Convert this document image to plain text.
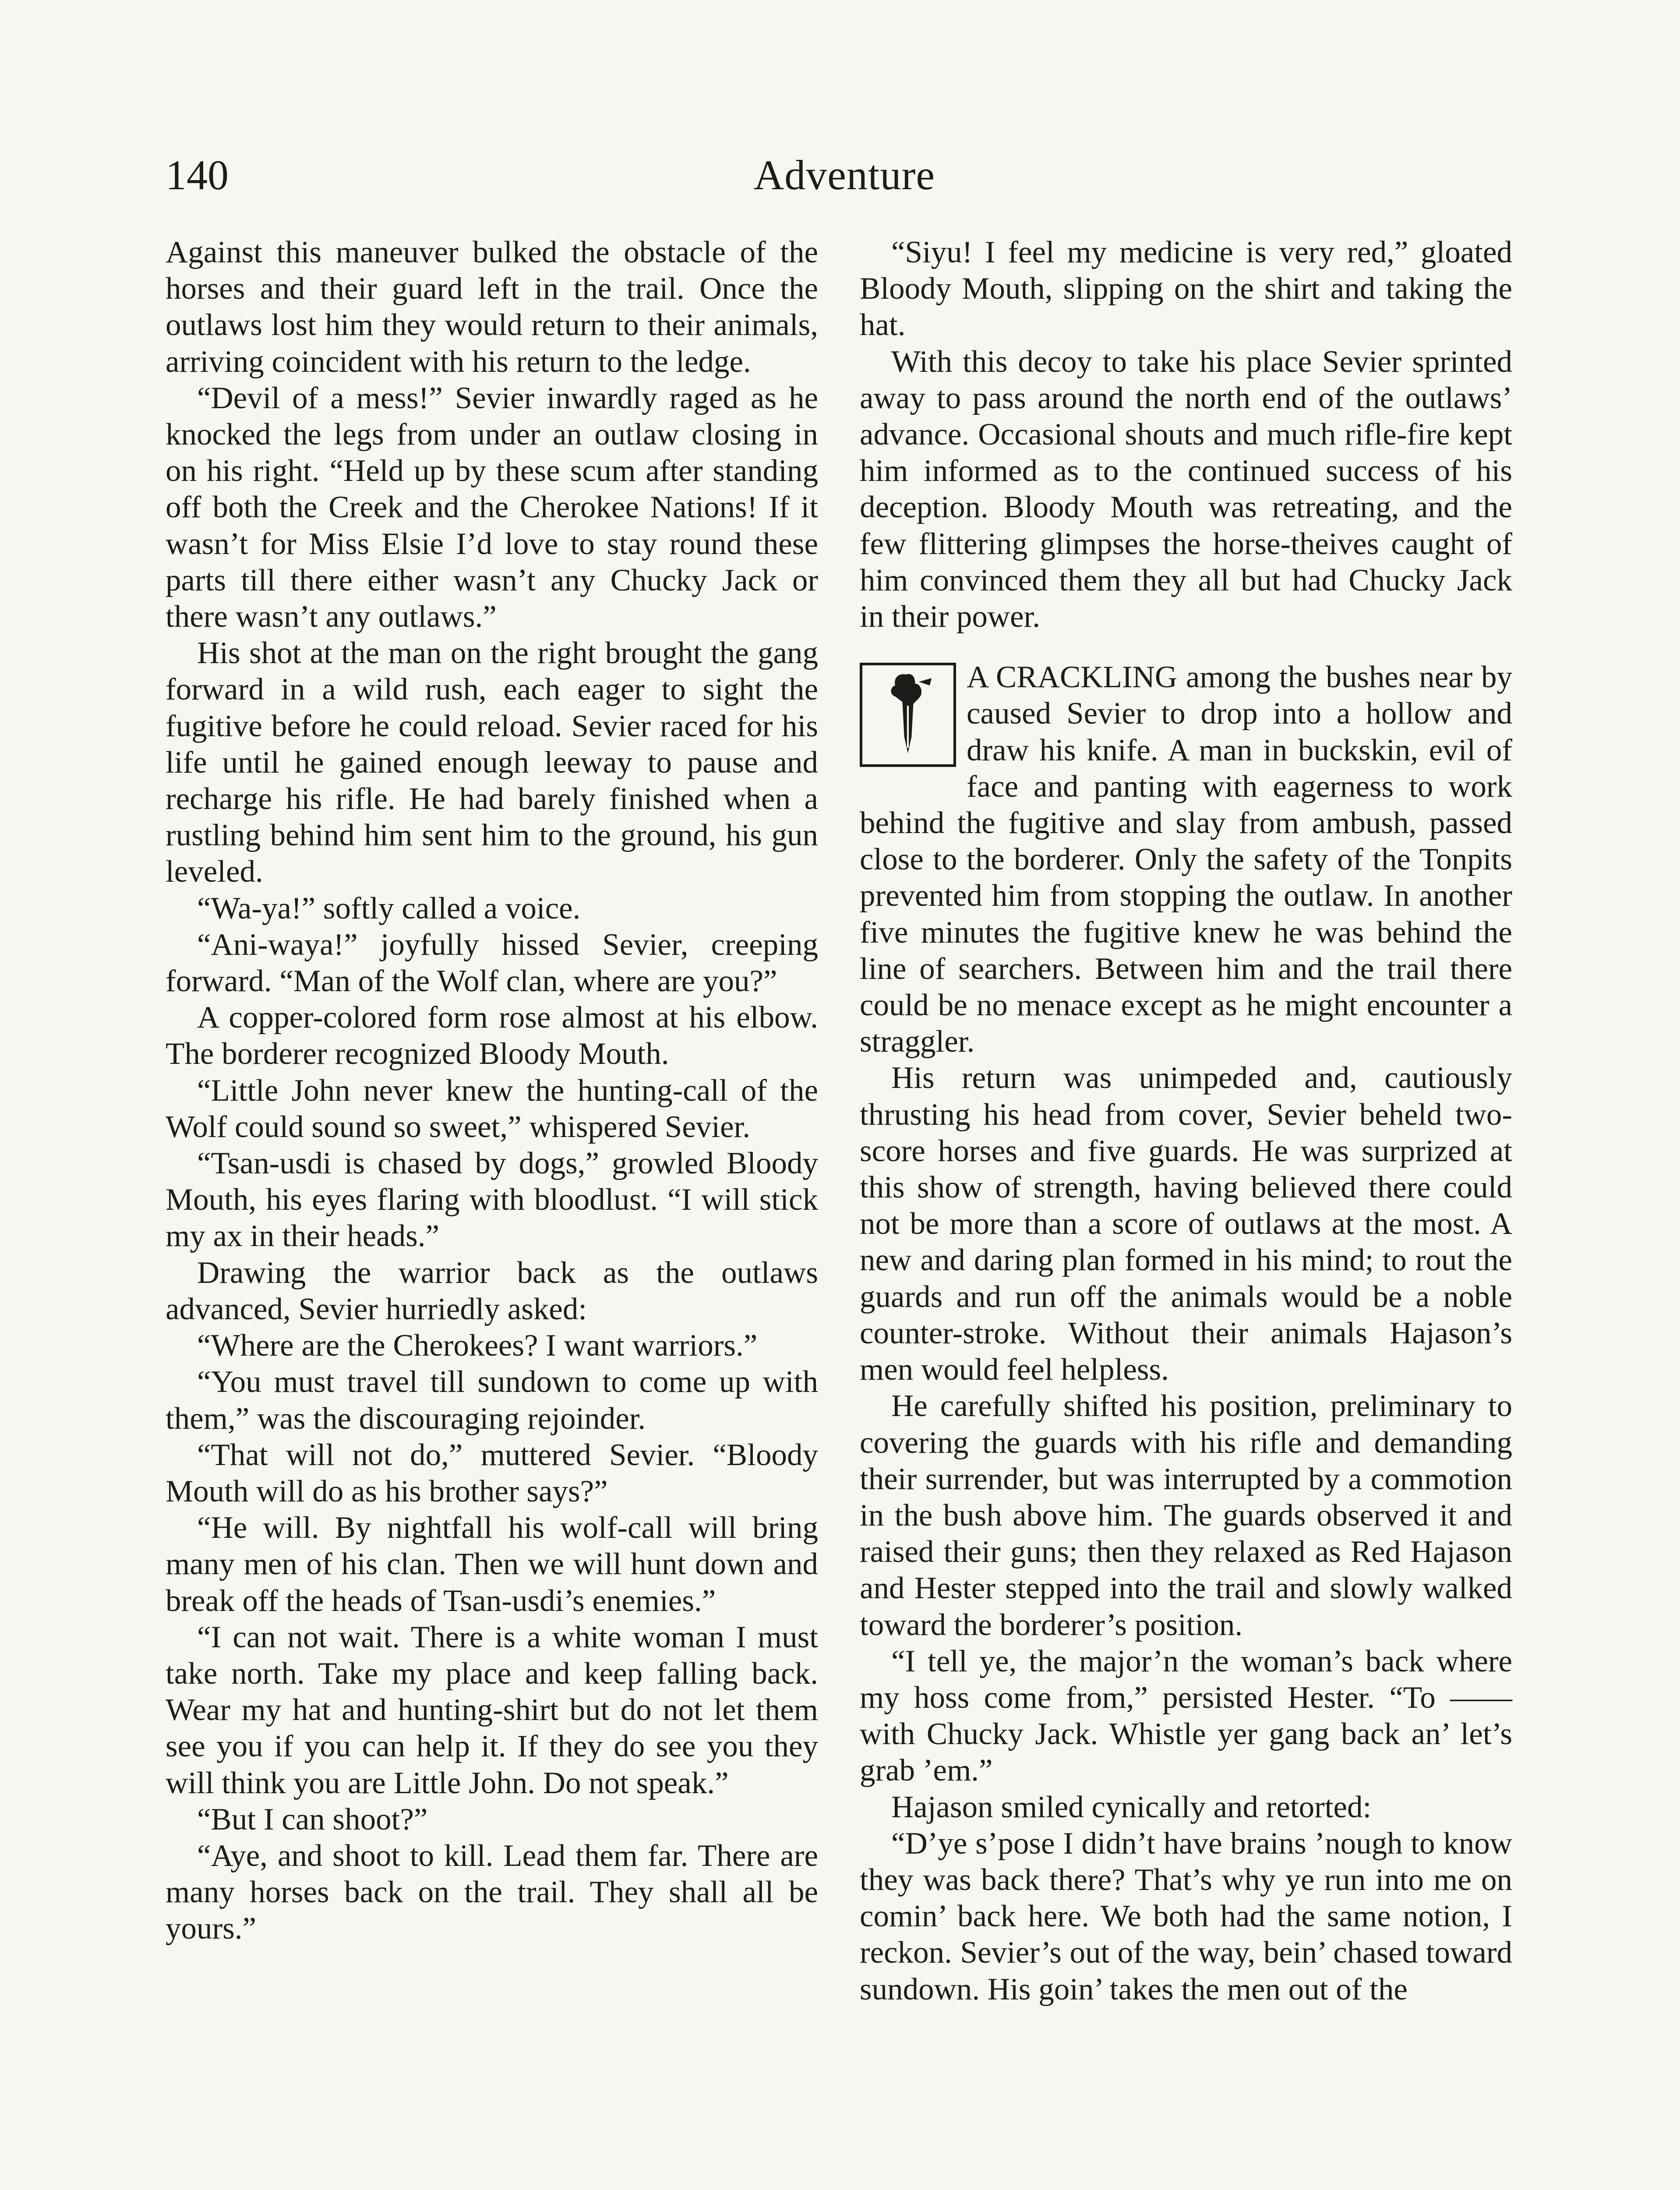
140	Adventure

Against this maneuver bulked the obstacle of the horses and their guard left in the trail. Once the outlaws lost him they would return to their animals, arriving coincident with his return to the ledge.

“Devil of a mess!” Sevier inwardly raged as he knocked the legs from under an outlaw closing in on his right. “Held up by these scum after standing off both the Creek and the Cherokee Nations! If it wasn’t for Miss Elsie I’d love to stay round these parts till there either wasn’t any Chucky Jack or there wasn’t any outlaws.”

His shot at the man on the right brought the gang forward in a wild rush, each eager to sight the fugitive before he could reload. Sevier raced for his life until he gained enough leeway to pause and recharge his rifle. He had barely finished when a rustling behind him sent him to the ground, his gun leveled.

“Wa-ya!” softly called a voice.

“Ani-waya!” joyfully hissed Sevier, creeping forward. “Man of the Wolf clan, where are you?”

A copper-colored form rose almost at his elbow. The borderer recognized Bloody Mouth.

“Little John never knew the hunting-call of the Wolf could sound so sweet,” whispered Sevier.

“Tsan-usdi is chased by dogs,” growled Bloody Mouth, his eyes flaring with bloodlust. “I will stick my ax in their heads.”

Drawing the warrior back as the outlaws advanced, Sevier hurriedly asked:

“Where are the Cherokees? I want warriors.”

“You must travel till sundown to come up with them,” was the discouraging rejoinder.

“That will not do,” muttered Sevier. “Bloody Mouth will do as his brother says?”

“He will. By nightfall his wolf-call will bring many men of his clan. Then we will hunt down and break off the heads of Tsan-usdi’s enemies.”

“I can not wait. There is a white woman I must take north. Take my place and keep falling back. Wear my hat and hunting-shirt but do not let them see you if you can help it. If they do see you they will think you are Little John. Do not speak.”

“But I can shoot?”

“Aye, and shoot to kill. Lead them far. There are many horses back on the trail. They shall all be yours.”

“Siyu! I feel my medicine is very red,” gloated Bloody Mouth, slipping on the shirt and taking the hat.

With this decoy to take his place Sevier sprinted away to pass around the north end of the outlaws’ advance. Occasional shouts and much rifle-fire kept him informed as to the continued success of his deception. Bloody Mouth was retreating, and the few flittering glimpses the horse-theives caught of him convinced them they all but had Chucky Jack in their power.

A CRACKLING among the bushes near by caused Sevier to drop into a hollow and draw his knife. A man in buckskin, evil of face and panting with eagerness to work behind the fugitive and slay from ambush, passed close to the borderer. Only the safety of the Tonpits prevented him from stopping the outlaw. In another five minutes the fugitive knew he was behind the line of searchers. Between him and the trail there could be no menace except as he might encounter a straggler.

His return was unimpeded and, cautiously thrusting his head from cover, Sevier beheld two-score horses and five guards. He was surprized at this show of strength, having believed there could not be more than a score of outlaws at the most. A new and daring plan formed in his mind; to rout the guards and run off the animals would be a noble counter-stroke. Without their animals Hajason’s men would feel helpless.

He carefully shifted his position, preliminary to covering the guards with his rifle and demanding their surrender, but was interrupted by a commotion in the bush above him. The guards observed it and raised their guns; then they relaxed as Red Hajason and Hester stepped into the trail and slowly walked toward the borderer’s position.

“I tell ye, the major’n the woman’s back where my hoss come from,” persisted Hester. “To —— with Chucky Jack. Whistle yer gang back an’ let’s grab ’em.”

Hajason smiled cynically and retorted:

“D’ye s’pose I didn’t have brains ’nough to know they was back there? That’s why ye run into me on comin’ back here. We both had the same notion, I reckon. Sevier’s out of the way, bein’ chased toward sundown. His goin’ takes the men out of the
